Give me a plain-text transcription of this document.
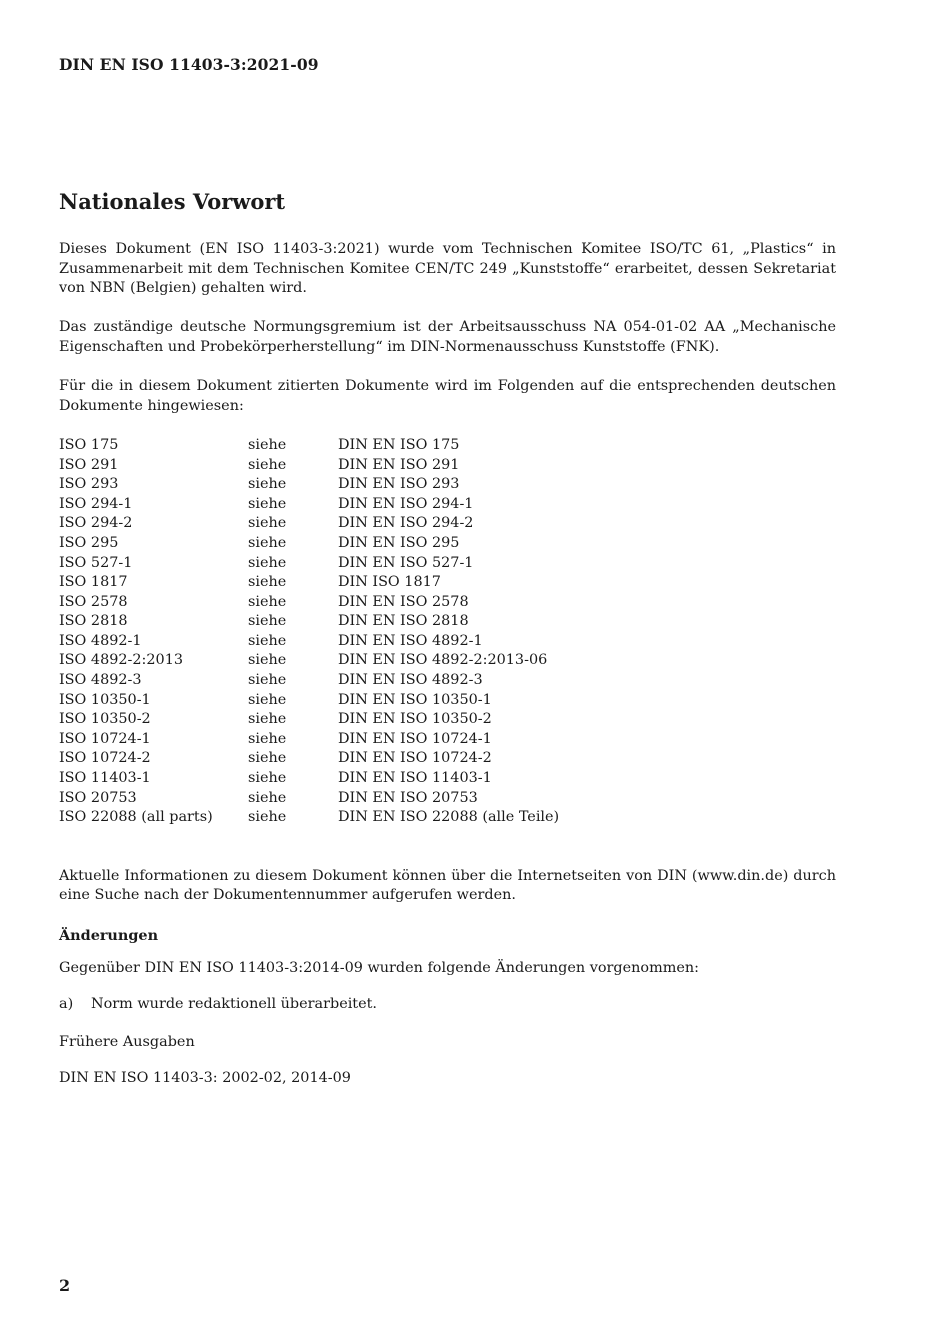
DIN EN ISO 11403-3:2021-09
Nationales Vorwort

Dieses Dokument (EN ISO 11403-3:2021) wurde vom Technischen Komitee ISO/TC 61, „Plastics“ in Zusammenarbeit mit dem Technischen Komitee CEN/TC 249 „Kunststoffe“ erarbeitet, dessen Sekretariat von NBN (Belgien) gehalten wird.

Das zuständige deutsche Normungsgremium ist der Arbeitsausschuss NA 054-01-02 AA „Mechanische Eigenschaften und Probekörperherstellung“ im DIN-Normenausschuss Kunststoffe (FNK).

Für die in diesem Dokument zitierten Dokumente wird im Folgenden auf die entsprechenden deutschen Dokumente hingewiesen:

ISO 175	siehe	DIN EN ISO 175
ISO 291	siehe	DIN EN ISO 291
ISO 293	siehe	DIN EN ISO 293
ISO 294-1	siehe	DIN EN ISO 294-1
ISO 294-2	siehe	DIN EN ISO 294-2
ISO 295	siehe	DIN EN ISO 295
ISO 527-1	siehe	DIN EN ISO 527-1
ISO 1817	siehe	DIN ISO 1817
ISO 2578	siehe	DIN EN ISO 2578
ISO 2818	siehe	DIN EN ISO 2818
ISO 4892-1	siehe	DIN EN ISO 4892-1
ISO 4892-2:2013	siehe	DIN EN ISO 4892-2:2013-06
ISO 4892-3	siehe	DIN EN ISO 4892-3
ISO 10350-1	siehe	DIN EN ISO 10350-1
ISO 10350-2	siehe	DIN EN ISO 10350-2
ISO 10724-1	siehe	DIN EN ISO 10724-1
ISO 10724-2	siehe	DIN EN ISO 10724-2
ISO 11403-1	siehe	DIN EN ISO 11403-1
ISO 20753	siehe	DIN EN ISO 20753
ISO 22088 (all parts)	siehe	DIN EN ISO 22088 (alle Teile)

Aktuelle Informationen zu diesem Dokument können über die Internetseiten von DIN (www.din.de) durch eine Suche nach der Dokumentennummer aufgerufen werden.

Änderungen

Gegenüber DIN EN ISO 11403-3:2014-09 wurden folgende Änderungen vorgenommen:

a)	Norm wurde redaktionell überarbeitet.

Frühere Ausgaben

DIN EN ISO 11403-3: 2002-02, 2014-09

2
